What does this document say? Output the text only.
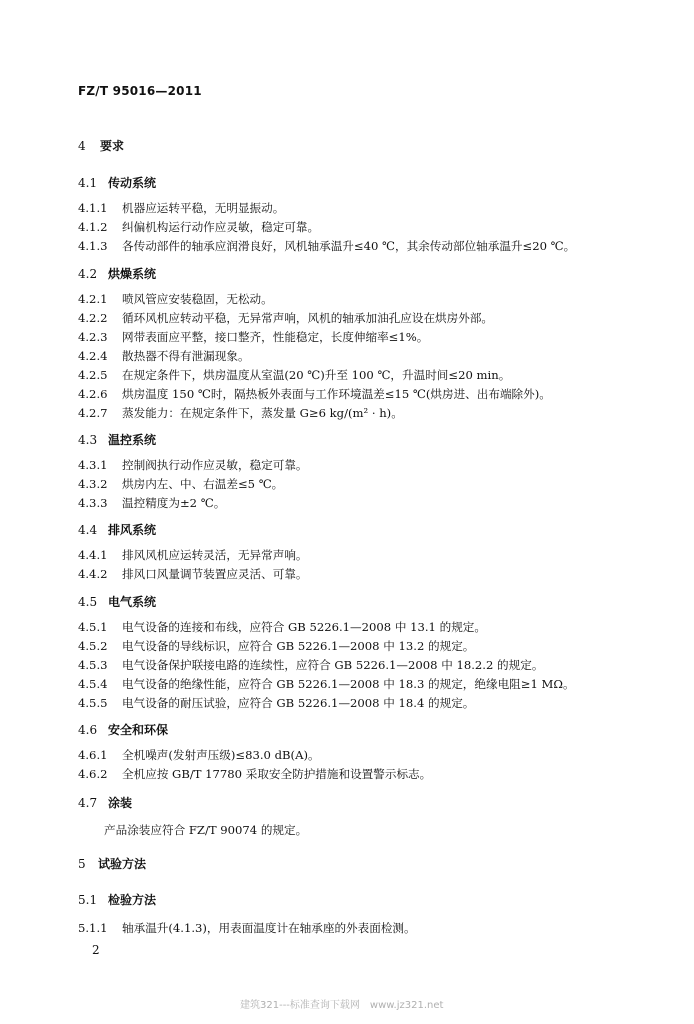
FZ/T 95016—2011
4 要求
4.1 传动系统
4.1.1 机器应运转平稳，无明显振动。
4.1.2 纠偏机构运行动作应灵敏，稳定可靠。
4.1.3 各传动部件的轴承应润滑良好，风机轴承温升≤40 ℃，其余传动部位轴承温升≤20 ℃。
4.2 烘燥系统
4.2.1 喷风管应安装稳固，无松动。
4.2.2 循环风机应转动平稳，无异常声响，风机的轴承加油孔应设在烘房外部。
4.2.3 网带表面应平整，接口整齐，性能稳定，长度伸缩率≤1%。
4.2.4 散热器不得有泄漏现象。
4.2.5 在规定条件下，烘房温度从室温(20 ℃)升至 100 ℃，升温时间≤20 min。
4.2.6 烘房温度 150 ℃时，隔热板外表面与工作环境温差≤15 ℃(烘房进、出布端除外)。
4.2.7 蒸发能力：在规定条件下，蒸发量 G≥6 kg/(m² · h)。
4.3 温控系统
4.3.1 控制阀执行动作应灵敏，稳定可靠。
4.3.2 烘房内左、中、右温差≤5 ℃。
4.3.3 温控精度为±2 ℃。
4.4 排风系统
4.4.1 排风风机应运转灵活，无异常声响。
4.4.2 排风口风量调节装置应灵活、可靠。
4.5 电气系统
4.5.1 电气设备的连接和布线，应符合 GB 5226.1—2008 中 13.1 的规定。
4.5.2 电气设备的导线标识，应符合 GB 5226.1—2008 中 13.2 的规定。
4.5.3 电气设备保护联接电路的连续性，应符合 GB 5226.1—2008 中 18.2.2 的规定。
4.5.4 电气设备的绝缘性能，应符合 GB 5226.1—2008 中 18.3 的规定，绝缘电阻≥1 MΩ。
4.5.5 电气设备的耐压试验，应符合 GB 5226.1—2008 中 18.4 的规定。
4.6 安全和环保
4.6.1 全机噪声(发射声压级)≤83.0 dB(A)。
4.6.2 全机应按 GB/T 17780 采取安全防护措施和设置警示标志。
4.7 涂装
产品涂装应符合 FZ/T 90074 的规定。
5 试验方法
5.1 检验方法
5.1.1 轴承温升(4.1.3)，用表面温度计在轴承座的外表面检测。
2
建筑321---标准查询下载网　www.jz321.net
